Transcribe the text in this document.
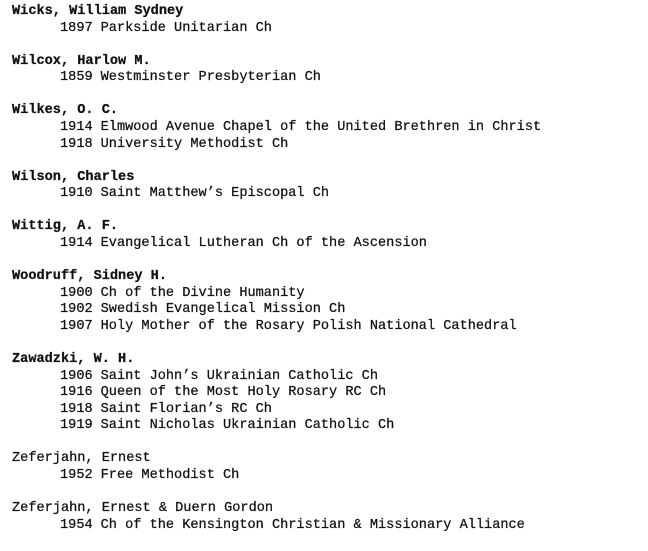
Wicks, William Sydney
1897 Parkside Unitarian Ch
Wilcox, Harlow M.
1859 Westminster Presbyterian Ch
Wilkes, O. C.
1914 Elmwood Avenue Chapel of the United Brethren in Christ
1918 University Methodist Ch
Wilson, Charles
1910 Saint Matthew’s Episcopal Ch
Wittig, A. F.
1914 Evangelical Lutheran Ch of the Ascension
Woodruff, Sidney H.
1900 Ch of the Divine Humanity
1902 Swedish Evangelical Mission Ch
1907 Holy Mother of the Rosary Polish National Cathedral
Zawadzki, W. H.
1906 Saint John’s Ukrainian Catholic Ch
1916 Queen of the Most Holy Rosary RC Ch
1918 Saint Florian’s RC Ch
1919 Saint Nicholas Ukrainian Catholic Ch
Zeferjahn, Ernest
1952 Free Methodist Ch
Zeferjahn, Ernest & Duern Gordon
1954 Ch of the Kensington Christian & Missionary Alliance
